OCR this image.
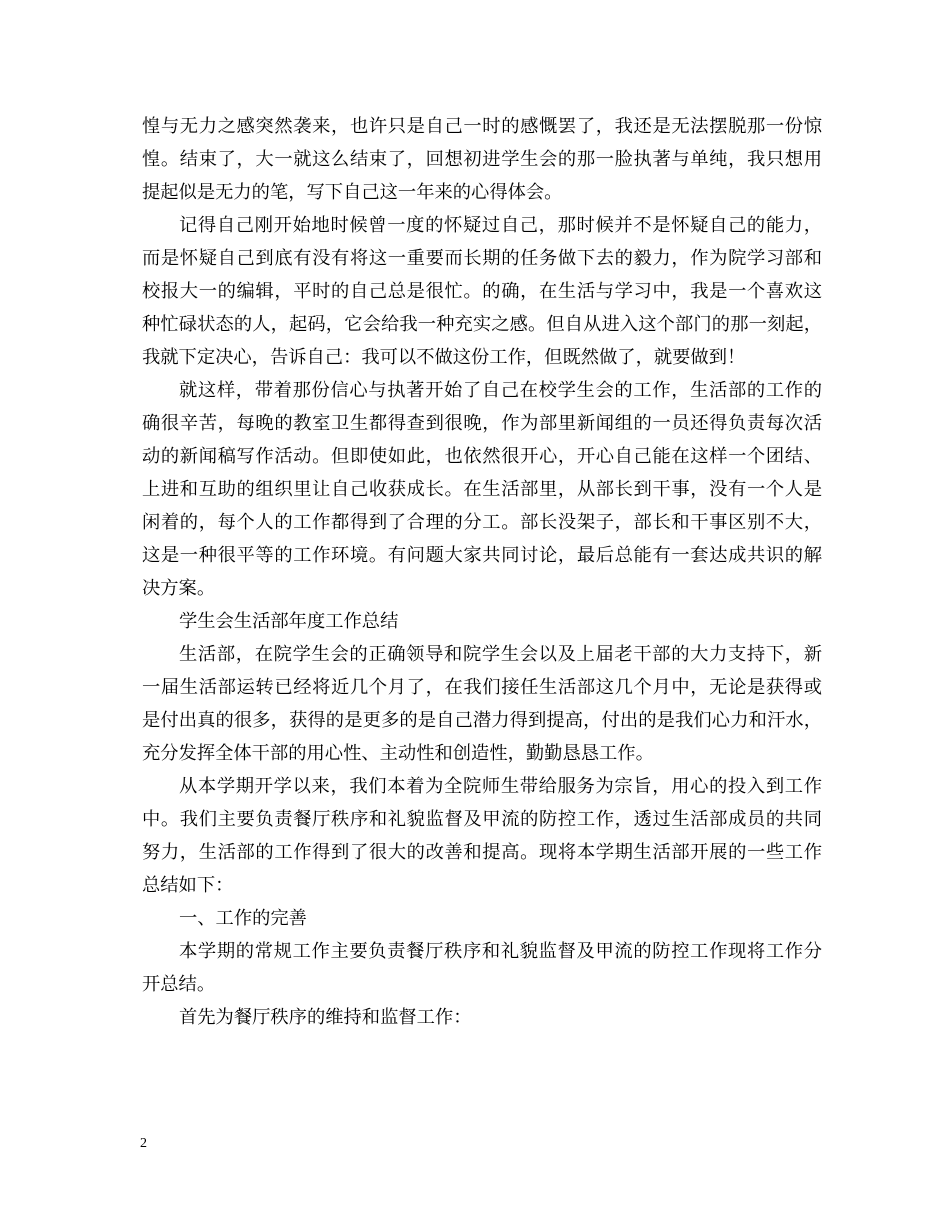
惶与无力之感突然袭来，也许只是自己一时的感慨罢了，我还是无法摆脱那一份惊
惶。结束了，大一就这么结束了，回想初进学生会的那一脸执著与单纯，我只想用
提起似是无力的笔，写下自己这一年来的心得体会。
记得自己刚开始地时候曾一度的怀疑过自己，那时候并不是怀疑自己的能力，
而是怀疑自己到底有没有将这一重要而长期的任务做下去的毅力，作为院学习部和
校报大一的编辑，平时的自己总是很忙。的确，在生活与学习中，我是一个喜欢这
种忙碌状态的人，起码，它会给我一种充实之感。但自从进入这个部门的那一刻起，
我就下定决心，告诉自己：我可以不做这份工作，但既然做了，就要做到！
就这样，带着那份信心与执著开始了自己在校学生会的工作，生活部的工作的
确很辛苦，每晚的教室卫生都得查到很晚，作为部里新闻组的一员还得负责每次活
动的新闻稿写作活动。但即使如此，也依然很开心，开心自己能在这样一个团结、
上进和互助的组织里让自己收获成长。在生活部里，从部长到干事，没有一个人是
闲着的，每个人的工作都得到了合理的分工。部长没架子，部长和干事区别不大，
这是一种很平等的工作环境。有问题大家共同讨论，最后总能有一套达成共识的解
决方案。
学生会生活部年度工作总结
生活部，在院学生会的正确领导和院学生会以及上届老干部的大力支持下，新
一届生活部运转已经将近几个月了，在我们接任生活部这几个月中，无论是获得或
是付出真的很多，获得的是更多的是自己潜力得到提高，付出的是我们心力和汗水，
充分发挥全体干部的用心性、主动性和创造性，勤勤恳恳工作。
从本学期开学以来，我们本着为全院师生带给服务为宗旨，用心的投入到工作
中。我们主要负责餐厅秩序和礼貌监督及甲流的防控工作，透过生活部成员的共同
努力，生活部的工作得到了很大的改善和提高。现将本学期生活部开展的一些工作
总结如下：
一、工作的完善
本学期的常规工作主要负责餐厅秩序和礼貌监督及甲流的防控工作现将工作分
开总结。
首先为餐厅秩序的维持和监督工作：
2
